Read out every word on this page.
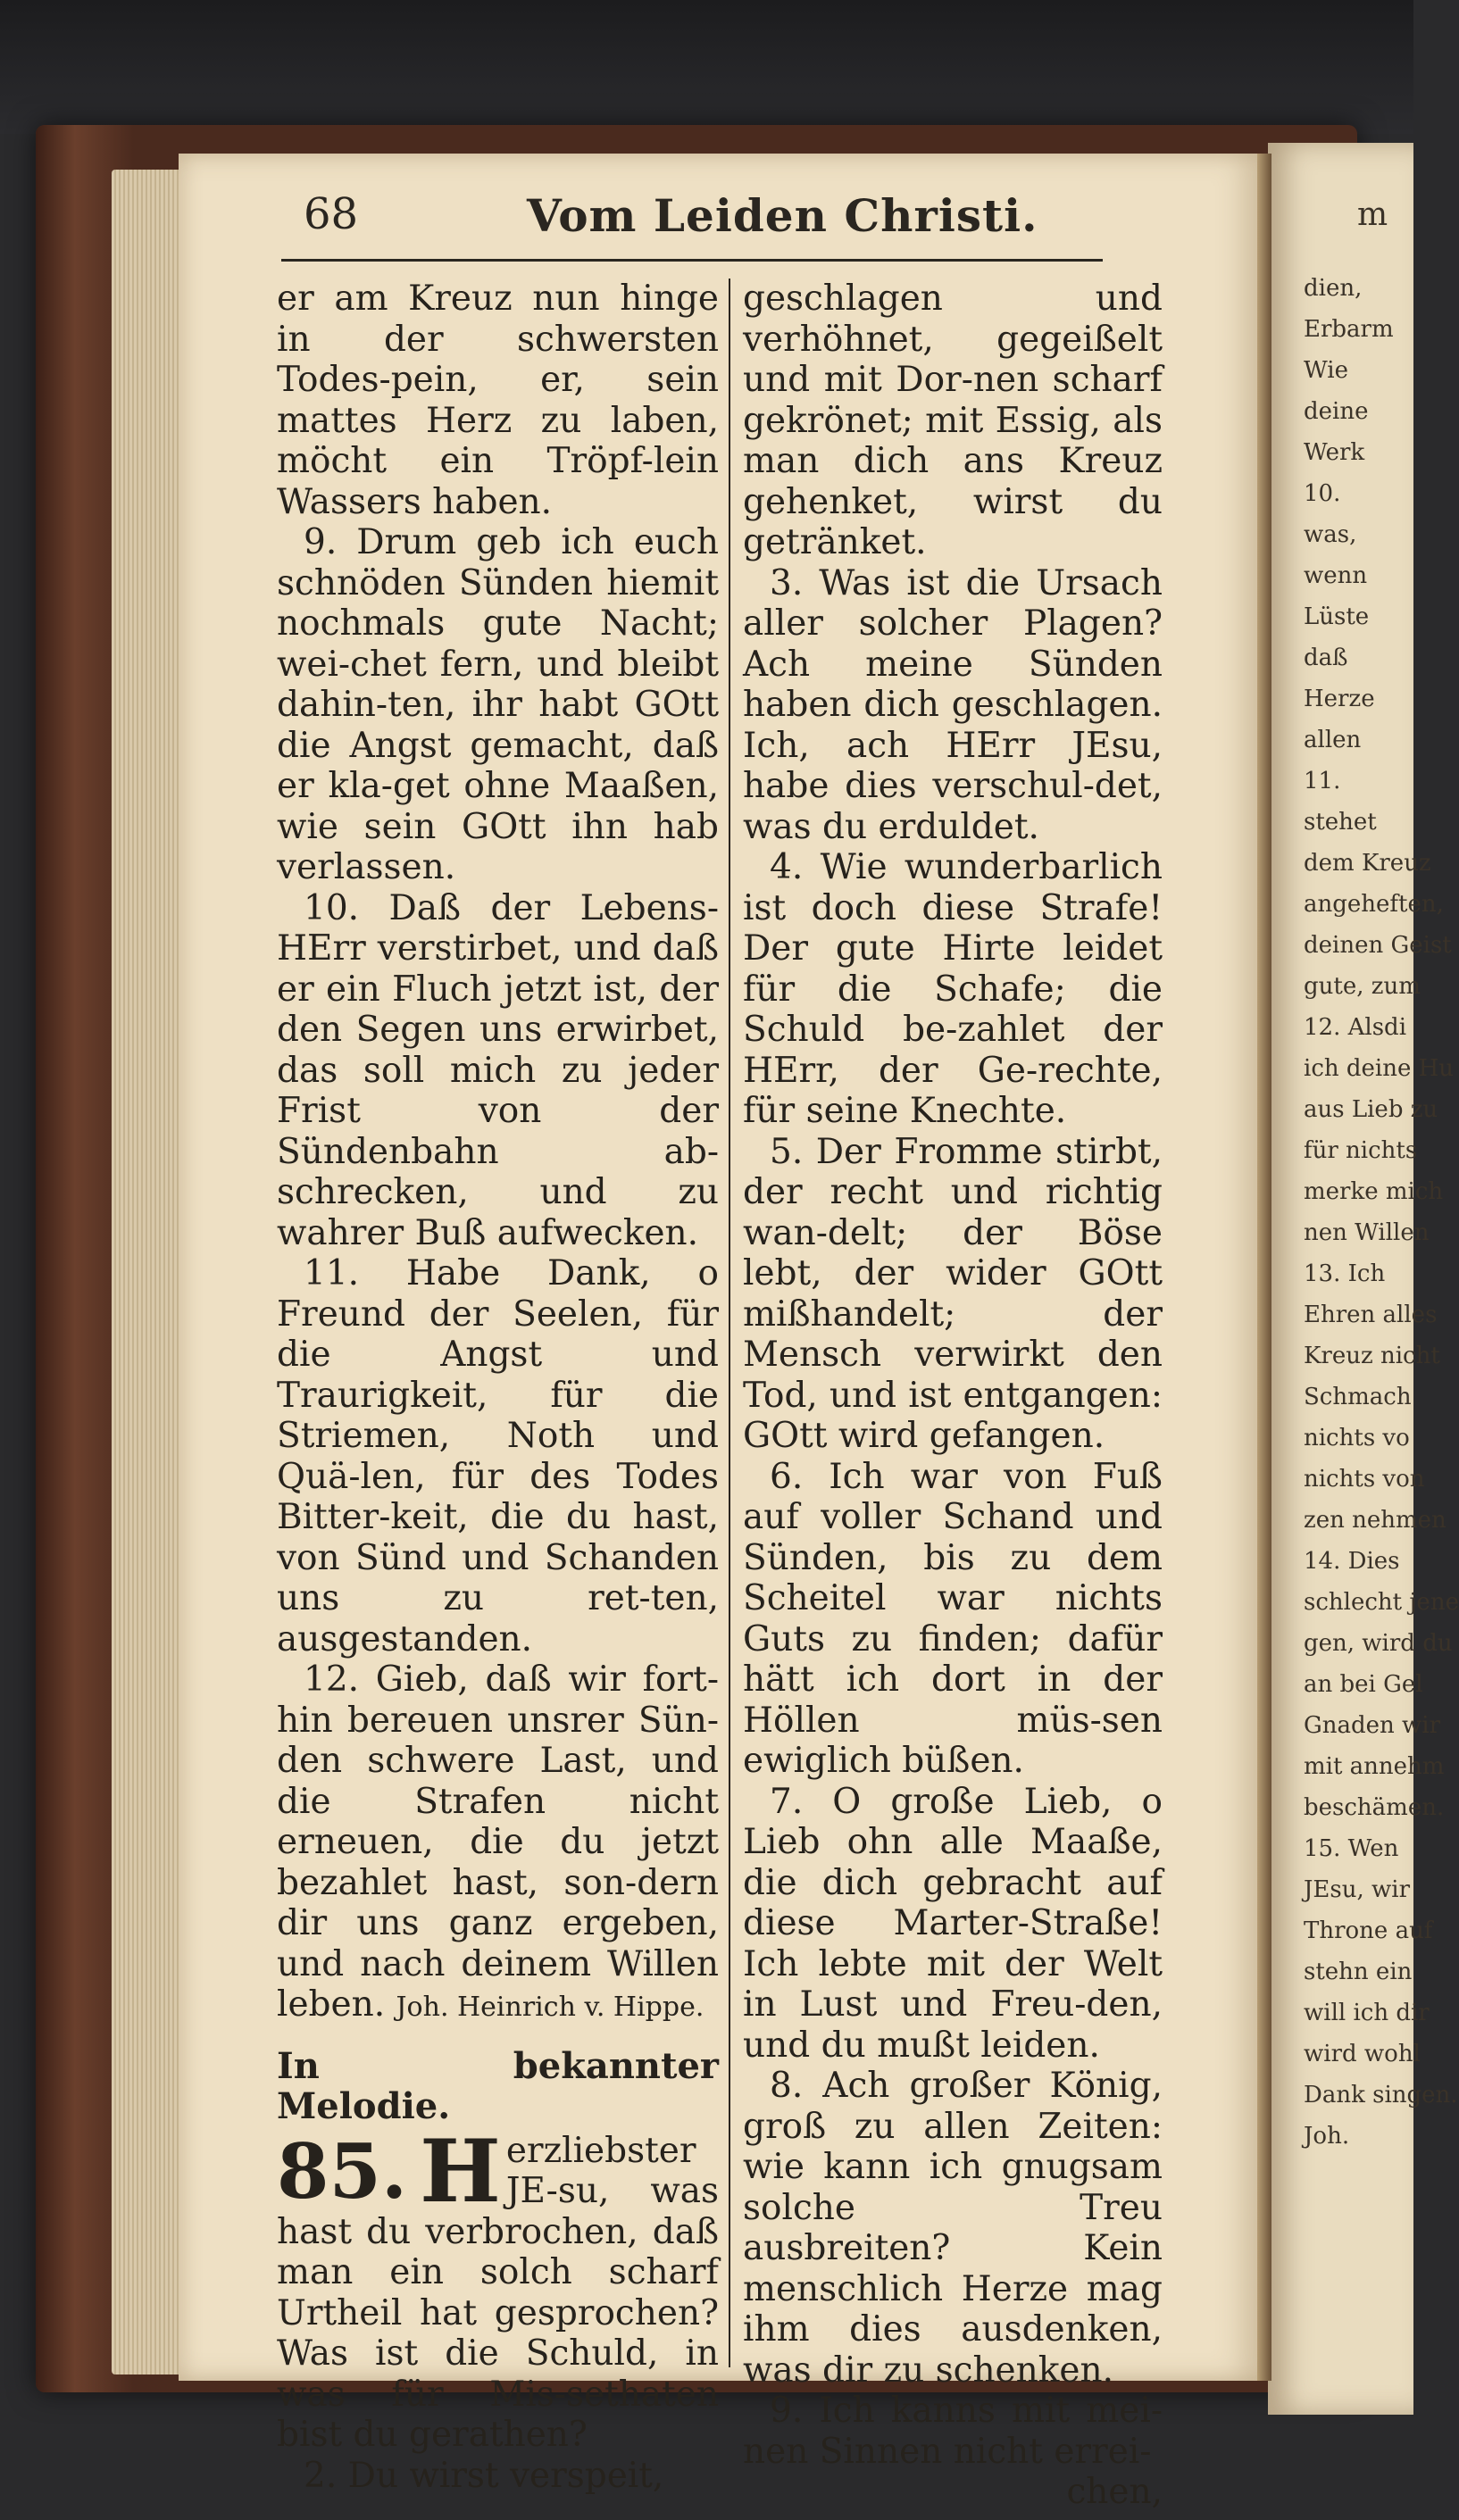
m
dien,
Erbarm
Wie
deine
Werk
10.
was,
wenn
Lüste
daß
Herze
allen
11.
stehet
dem Kreuz
angeheften,
deinen Geist
gute, zum
12. Alsdi
ich deine Hu
aus Lieb zu
für nichts
merke mich
nen Willen
13. Ich
Ehren alles
Kreuz nicht
Schmach
nichts vo
nichts von
zen nehmen
14. Dies
schlecht jene
gen, wird du
an bei Gel
Gnaden wir
mit annehm
beschämen.
15. Wen
JEsu, wir
Throne auf
stehn ein
will ich dir
wird wohl
Dank singen.
Joh.
68	Vom Leiden Christi.

er am Kreuz nun hinge in der schwersten Todes-pein, er, sein mattes Herz zu laben, möcht ein Tröpf-lein Wassers haben.

9. Drum geb ich euch schnöden Sünden hiemit nochmals gute Nacht; wei-chet fern, und bleibt dahin-ten, ihr habt GOtt die Angst gemacht, daß er kla-get ohne Maaßen, wie sein GOtt ihn hab verlassen.

10. Daß der Lebens-HErr verstirbet, und daß er ein Fluch jetzt ist, der den Segen uns erwirbet, das soll mich zu jeder Frist von der Sündenbahn ab-schrecken, und zu wahrer Buß aufwecken.

11. Habe Dank, o Freund der Seelen, für die Angst und Traurigkeit, für die Striemen, Noth und Quä-len, für des Todes Bitter-keit, die du hast, von Sünd und Schanden uns zu ret-ten, ausgestanden.

12. Gieb, daß wir fort-hin bereuen unsrer Sün-den schwere Last, und die Strafen nicht erneuen, die du jetzt bezahlet hast, son-dern dir uns ganz ergeben, und nach deinem Willen leben. Joh. Heinrich v. Hippe.

In bekannter Melodie.

85. H erzliebster JE-su, was hast du verbrochen, daß man ein solch scharf Urtheil hat gesprochen? Was ist die Schuld, in was für Mis-sethaten bist du gerathen?

2. Du wirst verspeit,

geschlagen und verhöhnet, gegeißelt und mit Dor-nen scharf gekrönet; mit Essig, als man dich ans Kreuz gehenket, wirst du getränket.

3. Was ist die Ursach aller solcher Plagen? Ach meine Sünden haben dich geschlagen. Ich, ach HErr JEsu, habe dies verschul-det, was du erduldet.

4. Wie wunderbarlich ist doch diese Strafe! Der gute Hirte leidet für die Schafe; die Schuld be-zahlet der HErr, der Ge-rechte, für seine Knechte.

5. Der Fromme stirbt, der recht und richtig wan-delt; der Böse lebt, der wider GOtt mißhandelt; der Mensch verwirkt den Tod, und ist entgangen: GOtt wird gefangen.

6. Ich war von Fuß auf voller Schand und Sünden, bis zu dem Scheitel war nichts Guts zu finden; dafür hätt ich dort in der Höllen müs-sen ewiglich büßen.

7. O große Lieb, o Lieb ohn alle Maaße, die dich gebracht auf diese Marter-Straße! Ich lebte mit der Welt in Lust und Freu-den, und du mußt leiden.

8. Ach großer König, groß zu allen Zeiten: wie kann ich gnugsam solche Treu ausbreiten? Kein menschlich Herze mag ihm dies ausdenken, was dir zu schenken.

9. Ich kanns mit mei-nen Sinnen nicht errei-

chen,
